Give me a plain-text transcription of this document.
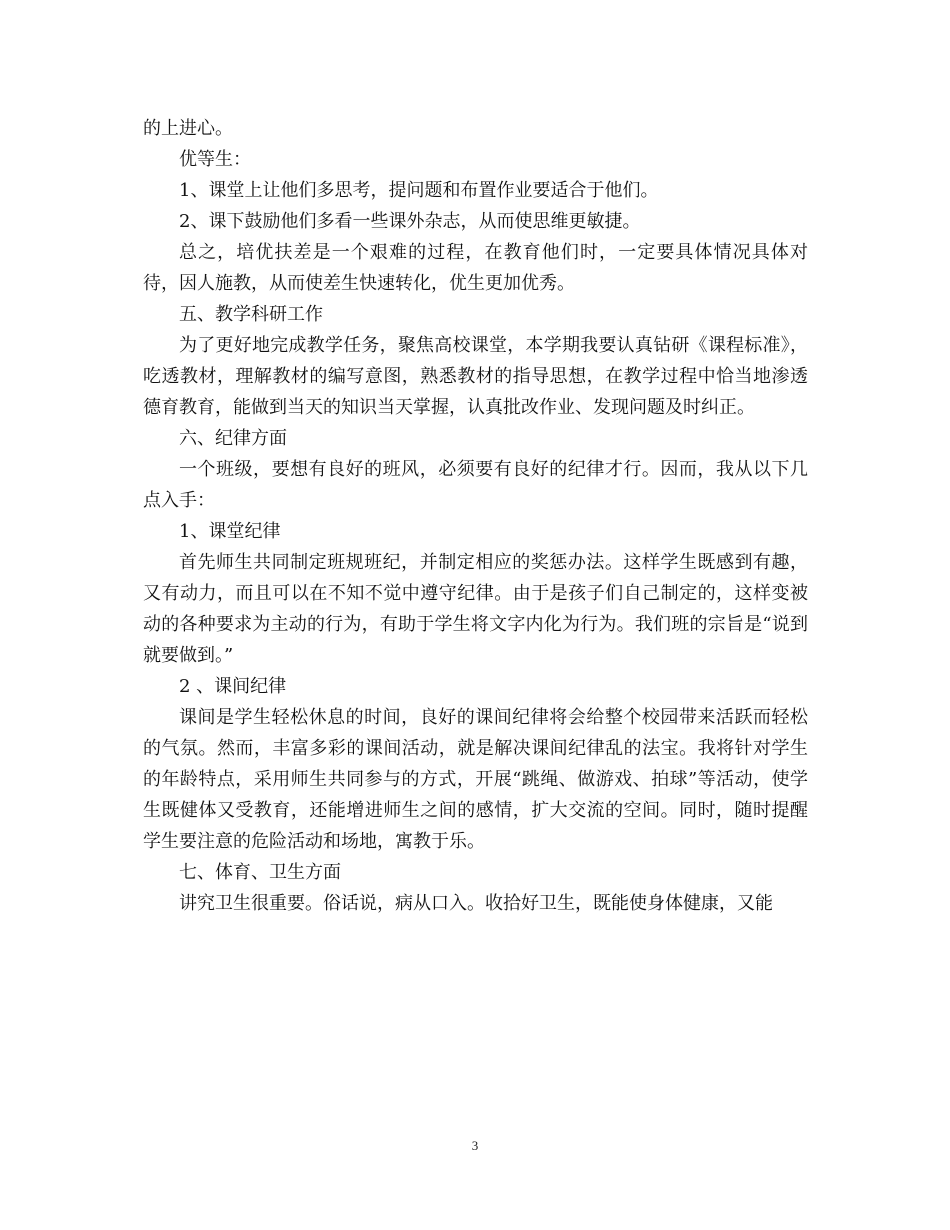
的上进心。

优等生：

1、课堂上让他们多思考，提问题和布置作业要适合于他们。

2、课下鼓励他们多看一些课外杂志，从而使思维更敏捷。

总之，培优扶差是一个艰难的过程，在教育他们时，一定要具体情况具体对待，因人施教，从而使差生快速转化，优生更加优秀。

五、教学科研工作

为了更好地完成教学任务，聚焦高校课堂，本学期我要认真钻研《课程标准》，吃透教材，理解教材的编写意图，熟悉教材的指导思想，在教学过程中恰当地渗透德育教育，能做到当天的知识当天掌握，认真批改作业、发现问题及时纠正。

六、纪律方面

一个班级，要想有良好的班风，必须要有良好的纪律才行。因而，我从以下几点入手：

1、课堂纪律

首先师生共同制定班规班纪，并制定相应的奖惩办法。这样学生既感到有趣，又有动力，而且可以在不知不觉中遵守纪律。由于是孩子们自己制定的，这样变被动的各种要求为主动的行为，有助于学生将文字内化为行为。我们班的宗旨是“说到就要做到。”

2 、课间纪律

课间是学生轻松休息的时间，良好的课间纪律将会给整个校园带来活跃而轻松的气氛。然而，丰富多彩的课间活动，就是解决课间纪律乱的法宝。我将针对学生的年龄特点，采用师生共同参与的方式，开展“跳绳、做游戏、拍球”等活动，使学生既健体又受教育，还能增进师生之间的感情，扩大交流的空间。同时，随时提醒学生要注意的危险活动和场地，寓教于乐。

七、体育、卫生方面

讲究卫生很重要。俗话说，病从口入。收拾好卫生，既能使身体健康，又能

3
